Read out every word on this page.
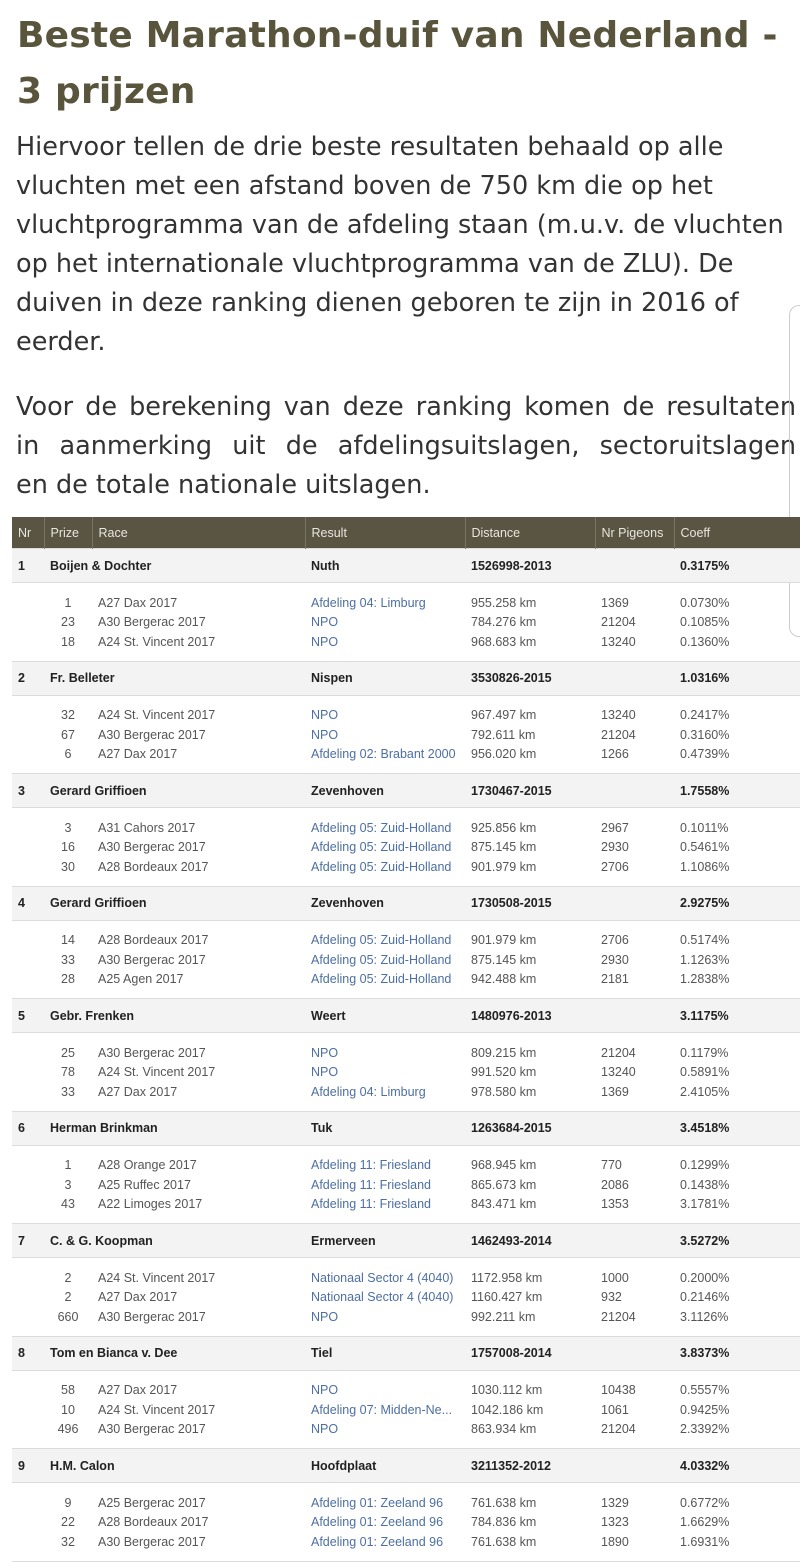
Beste Marathon-duif van Nederland - 3 prijzen

Hiervoor tellen de drie beste resultaten behaald op alle
vluchten met een afstand boven de 750 km die op het
vluchtprogramma van de afdeling staan (m.u.v. de vluchten
op het internationale vluchtprogramma van de ZLU). De
duiven in deze ranking dienen geboren te zijn in 2016 of
eerder.

Voor de berekening van deze ranking komen de resultaten
in aanmerking uit de afdelingsuitslagen, sectoruitslagen
en de totale nationale uitslagen.

Nr	Prize	Race	Result	Distance	Nr Pigeons	Coeff
1	Boijen & Dochter		Nuth	1526998-2013		0.3175%

	1	A27 Dax 2017	Afdeling 04: Limburg	955.258 km	1369	0.0730%
	23	A30 Bergerac 2017	NPO	784.276 km	21204	0.1085%
	18	A24 St. Vincent 2017	NPO	968.683 km	13240	0.1360%

2	Fr. Belleter		Nispen	3530826-2015		1.0316%

	32	A24 St. Vincent 2017	NPO	967.497 km	13240	0.2417%
	67	A30 Bergerac 2017	NPO	792.611 km	21204	0.3160%
	6	A27 Dax 2017	Afdeling 02: Brabant 2000	956.020 km	1266	0.4739%

3	Gerard Griffioen		Zevenhoven	1730467-2015		1.7558%

	3	A31 Cahors 2017	Afdeling 05: Zuid-Holland	925.856 km	2967	0.1011%
	16	A30 Bergerac 2017	Afdeling 05: Zuid-Holland	875.145 km	2930	0.5461%
	30	A28 Bordeaux 2017	Afdeling 05: Zuid-Holland	901.979 km	2706	1.1086%

4	Gerard Griffioen		Zevenhoven	1730508-2015		2.9275%

	14	A28 Bordeaux 2017	Afdeling 05: Zuid-Holland	901.979 km	2706	0.5174%
	33	A30 Bergerac 2017	Afdeling 05: Zuid-Holland	875.145 km	2930	1.1263%
	28	A25 Agen 2017	Afdeling 05: Zuid-Holland	942.488 km	2181	1.2838%

5	Gebr. Frenken		Weert	1480976-2013		3.1175%

	25	A30 Bergerac 2017	NPO	809.215 km	21204	0.1179%
	78	A24 St. Vincent 2017	NPO	991.520 km	13240	0.5891%
	33	A27 Dax 2017	Afdeling 04: Limburg	978.580 km	1369	2.4105%

6	Herman Brinkman		Tuk	1263684-2015		3.4518%

	1	A28 Orange 2017	Afdeling 11: Friesland	968.945 km	770	0.1299%
	3	A25 Ruffec 2017	Afdeling 11: Friesland	865.673 km	2086	0.1438%
	43	A22 Limoges 2017	Afdeling 11: Friesland	843.471 km	1353	3.1781%

7	C. & G. Koopman		Ermerveen	1462493-2014		3.5272%

	2	A24 St. Vincent 2017	Nationaal Sector 4 (4040)	1172.958 km	1000	0.2000%
	2	A27 Dax 2017	Nationaal Sector 4 (4040)	1160.427 km	932	0.2146%
	660	A30 Bergerac 2017	NPO	992.211 km	21204	3.1126%

8	Tom en Bianca v. Dee		Tiel	1757008-2014		3.8373%

	58	A27 Dax 2017	NPO	1030.112 km	10438	0.5557%
	10	A24 St. Vincent 2017	Afdeling 07: Midden-Ne...	1042.186 km	1061	0.9425%
	496	A30 Bergerac 2017	NPO	863.934 km	21204	2.3392%

9	H.M. Calon		Hoofdplaat	3211352-2012		4.0332%

	9	A25 Bergerac 2017	Afdeling 01: Zeeland 96	761.638 km	1329	0.6772%
	22	A28 Bordeaux 2017	Afdeling 01: Zeeland 96	784.836 km	1323	1.6629%
	32	A30 Bergerac 2017	Afdeling 01: Zeeland 96	761.638 km	1890	1.6931%
